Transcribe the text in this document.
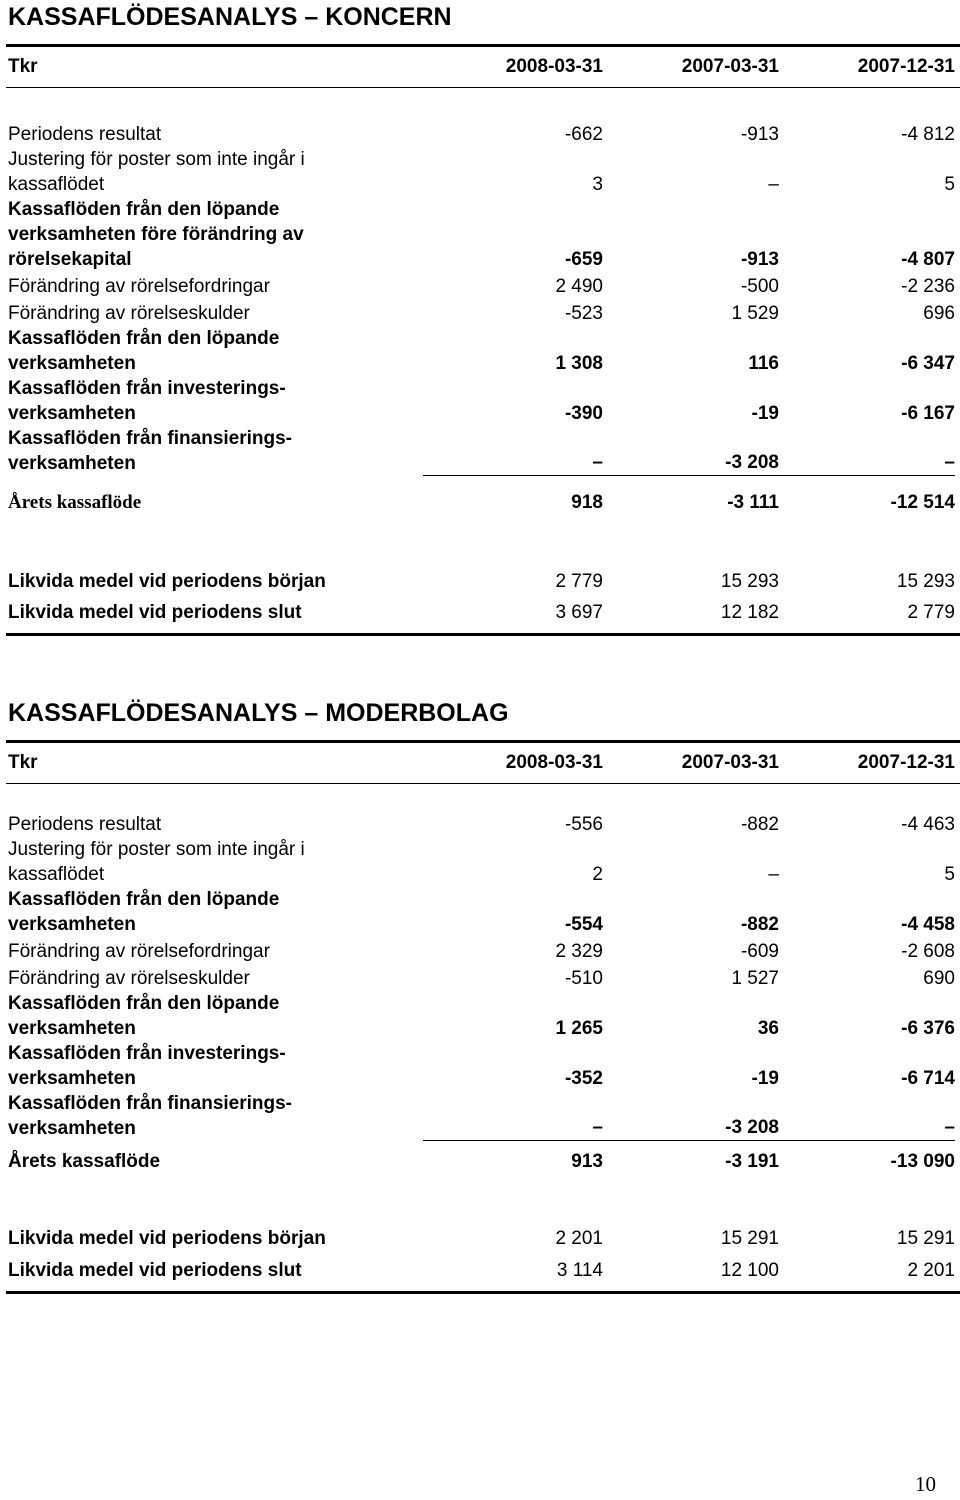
KASSAFLÖDESANALYS – KONCERN
Tkr	2008-03-31	2007-03-31	2007-12-31
Periodens resultat	-662	-913	-4 812
Justering för poster som inte ingår i
kassaflödet	3	–	5
Kassaflöden från den löpande
verksamheten före förändring av
rörelsekapital	-659	-913	-4 807
Förändring av rörelsefordringar	2 490	-500	-2 236
Förändring av rörelseskulder	-523	1 529	696
Kassaflöden från den löpande
verksamheten	1 308	116	-6 347
Kassaflöden från investerings-
verksamheten	-390	-19	-6 167
Kassaflöden från finansierings-
verksamheten	–	-3 208	–
Årets kassaflöde	918	-3 111	-12 514
Likvida medel vid periodens början	2 779	15 293	15 293
Likvida medel vid periodens slut	3 697	12 182	2 779
KASSAFLÖDESANALYS – MODERBOLAG
Tkr	2008-03-31	2007-03-31	2007-12-31
Periodens resultat	-556	-882	-4 463
Justering för poster som inte ingår i
kassaflödet	2	–	5
Kassaflöden från den löpande
verksamheten	-554	-882	-4 458
Förändring av rörelsefordringar	2 329	-609	-2 608
Förändring av rörelseskulder	-510	1 527	690
Kassaflöden från den löpande
verksamheten	1 265	36	-6 376
Kassaflöden från investerings-
verksamheten	-352	-19	-6 714
Kassaflöden från finansierings-
verksamheten	–	-3 208	–
Årets kassaflöde	913	-3 191	-13 090
Likvida medel vid periodens början	2 201	15 291	15 291
Likvida medel vid periodens slut	3 114	12 100	2 201
10
